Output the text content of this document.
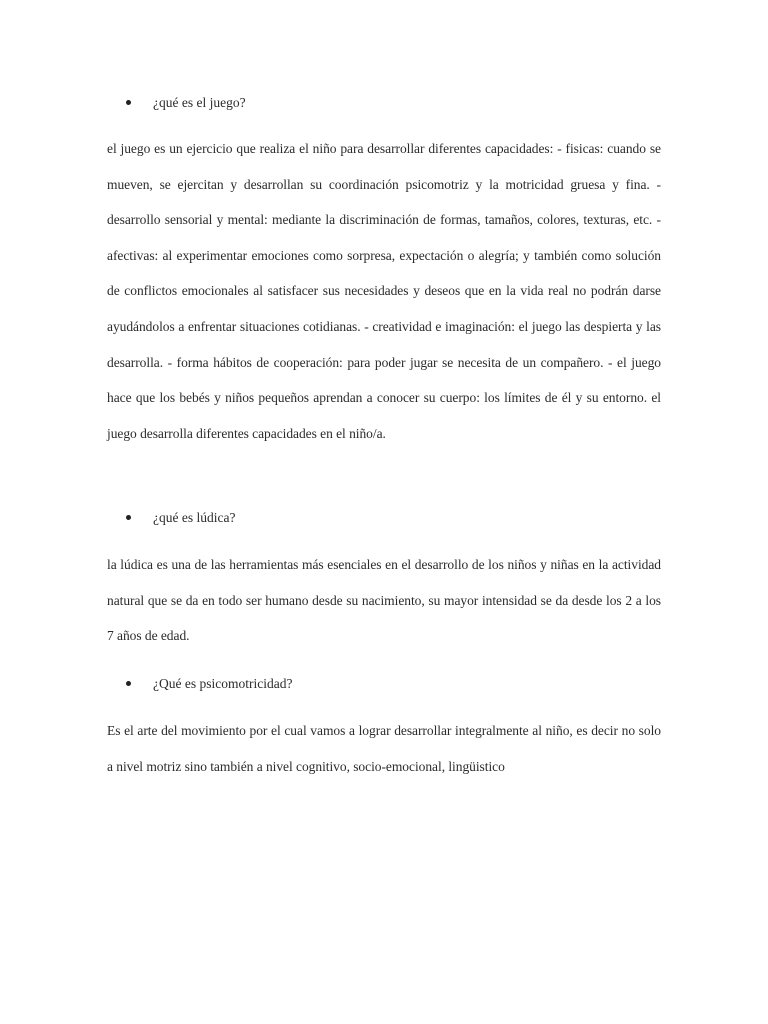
¿qué es el juego?

el juego es un ejercicio que realiza el niño para desarrollar diferentes capacidades: - fisicas: cuando se mueven, se ejercitan y desarrollan su coordinación psicomotriz y la motricidad gruesa y fina. - desarrollo sensorial y mental: mediante la discriminación de formas, tamaños, colores, texturas, etc. - afectivas: al experimentar emociones como sorpresa, expectación o alegría; y también como solución de conflictos emocionales al satisfacer sus necesidades y deseos que en la vida real no podrán darse ayudándolos a enfrentar situaciones cotidianas. - creatividad e imaginación: el juego las despierta y las desarrolla. - forma hábitos de cooperación: para poder jugar se necesita de un compañero. - el juego hace que los bebés y niños pequeños aprendan a conocer su cuerpo: los límites de él y su entorno. el juego desarrolla diferentes capacidades en el niño/a.

¿qué es lúdica?

la lúdica es una de las herramientas más esenciales en el desarrollo de los niños y niñas en la actividad natural que se da en todo ser humano desde su nacimiento, su mayor intensidad se da desde los 2 a los 7 años de edad.

¿Qué es psicomotricidad?

Es el arte del movimiento por el cual vamos a lograr desarrollar integralmente al niño, es decir no solo a nivel motriz sino también a nivel cognitivo, socio-emocional, lingüistico
